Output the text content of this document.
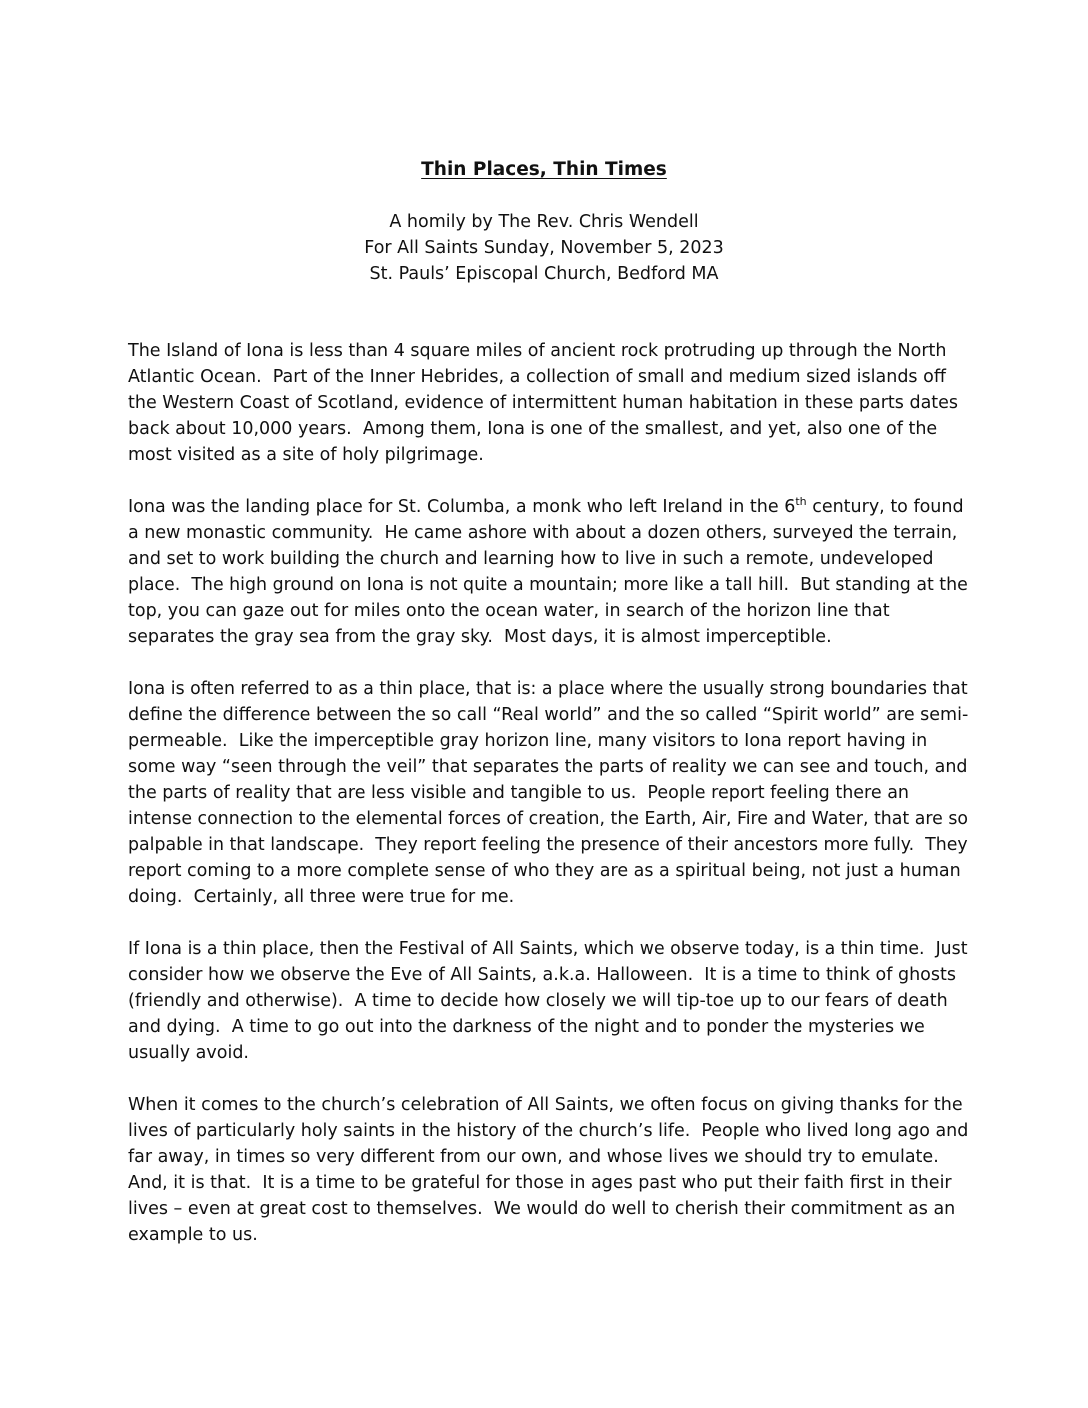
Thin Places, Thin Times
A homily by The Rev. Chris Wendell
For All Saints Sunday, November 5, 2023
St. Pauls’ Episcopal Church, Bedford MA
The Island of Iona is less than 4 square miles of ancient rock protruding up through the North
Atlantic Ocean.  Part of the Inner Hebrides, a collection of small and medium sized islands off
the Western Coast of Scotland, evidence of intermittent human habitation in these parts dates
back about 10,000 years.  Among them, Iona is one of the smallest, and yet, also one of the
most visited as a site of holy pilgrimage.
Iona was the landing place for St. Columba, a monk who left Ireland in the 6th century, to found
a new monastic community.  He came ashore with about a dozen others, surveyed the terrain,
and set to work building the church and learning how to live in such a remote, undeveloped
place.  The high ground on Iona is not quite a mountain; more like a tall hill.  But standing at the
top, you can gaze out for miles onto the ocean water, in search of the horizon line that
separates the gray sea from the gray sky.  Most days, it is almost imperceptible.
Iona is often referred to as a thin place, that is: a place where the usually strong boundaries that
define the difference between the so call “Real world” and the so called “Spirit world” are semi-
permeable.  Like the imperceptible gray horizon line, many visitors to Iona report having in
some way “seen through the veil” that separates the parts of reality we can see and touch, and
the parts of reality that are less visible and tangible to us.  People report feeling there an
intense connection to the elemental forces of creation, the Earth, Air, Fire and Water, that are so
palpable in that landscape.  They report feeling the presence of their ancestors more fully.  They
report coming to a more complete sense of who they are as a spiritual being, not just a human
doing.  Certainly, all three were true for me.
If Iona is a thin place, then the Festival of All Saints, which we observe today, is a thin time.  Just
consider how we observe the Eve of All Saints, a.k.a. Halloween.  It is a time to think of ghosts
(friendly and otherwise).  A time to decide how closely we will tip-toe up to our fears of death
and dying.  A time to go out into the darkness of the night and to ponder the mysteries we
usually avoid.
When it comes to the church’s celebration of All Saints, we often focus on giving thanks for the
lives of particularly holy saints in the history of the church’s life.  People who lived long ago and
far away, in times so very different from our own, and whose lives we should try to emulate.
And, it is that.  It is a time to be grateful for those in ages past who put their faith first in their
lives – even at great cost to themselves.  We would do well to cherish their commitment as an
example to us.
